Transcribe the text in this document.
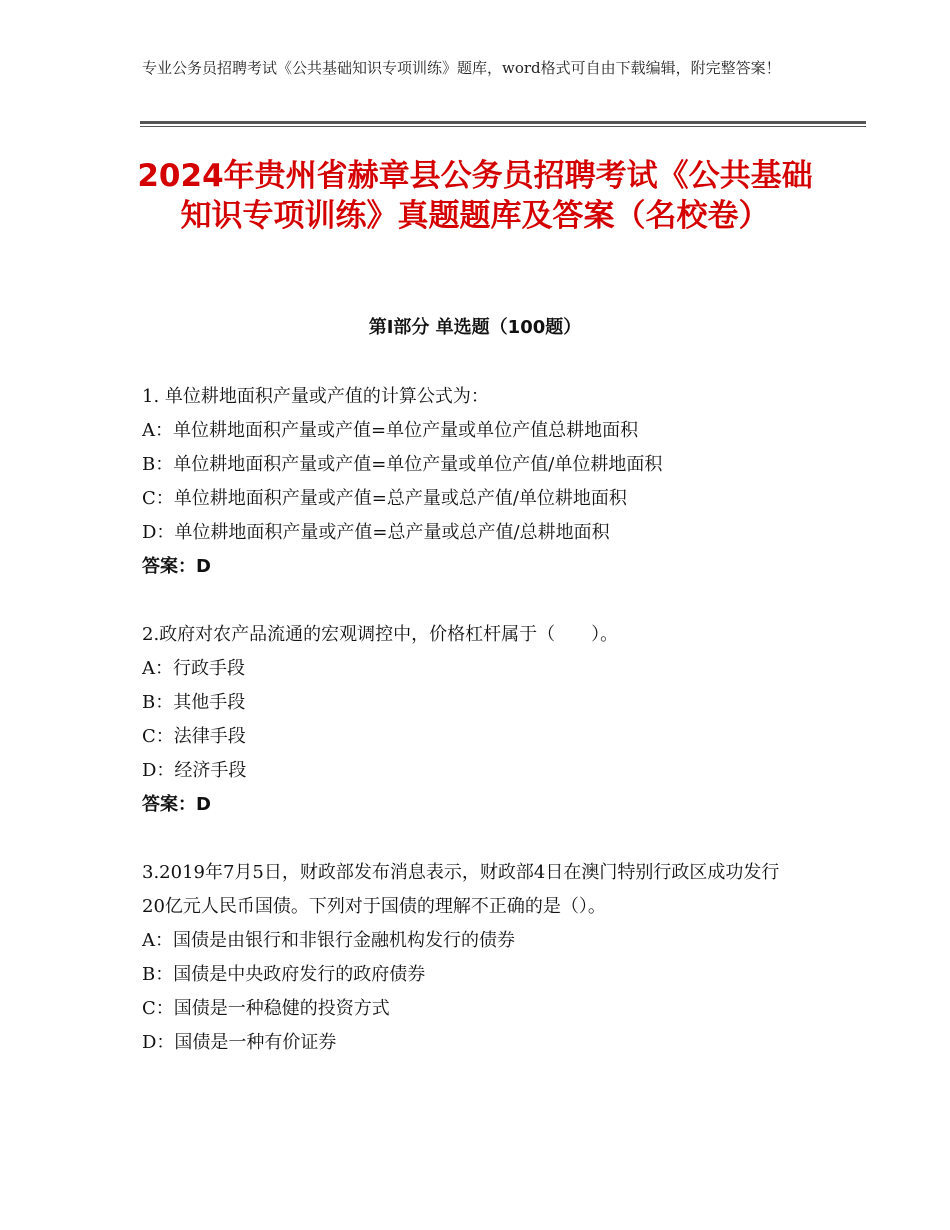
专业公务员招聘考试《公共基础知识专项训练》题库，word格式可自由下载编辑，附完整答案！
2024年贵州省赫章县公务员招聘考试《公共基础知识专项训练》真题题库及答案（名校卷）
第I部分 单选题（100题）
1. 单位耕地面积产量或产值的计算公式为：
A：单位耕地面积产量或产值=单位产量或单位产值总耕地面积
B：单位耕地面积产量或产值=单位产量或单位产值/单位耕地面积
C：单位耕地面积产量或产值=总产量或总产值/单位耕地面积
D：单位耕地面积产量或产值=总产量或总产值/总耕地面积
答案：D
2.政府对农产品流通的宏观调控中，价格杠杆属于（　　）。
A：行政手段
B：其他手段
C：法律手段
D：经济手段
答案：D
3.2019年7月5日，财政部发布消息表示，财政部4日在澳门特别行政区成功发行20亿元人民币国债。下列对于国债的理解不正确的是（）。
A：国债是由银行和非银行金融机构发行的债券
B：国债是中央政府发行的政府债券
C：国债是一种稳健的投资方式
D：国债是一种有价证券
